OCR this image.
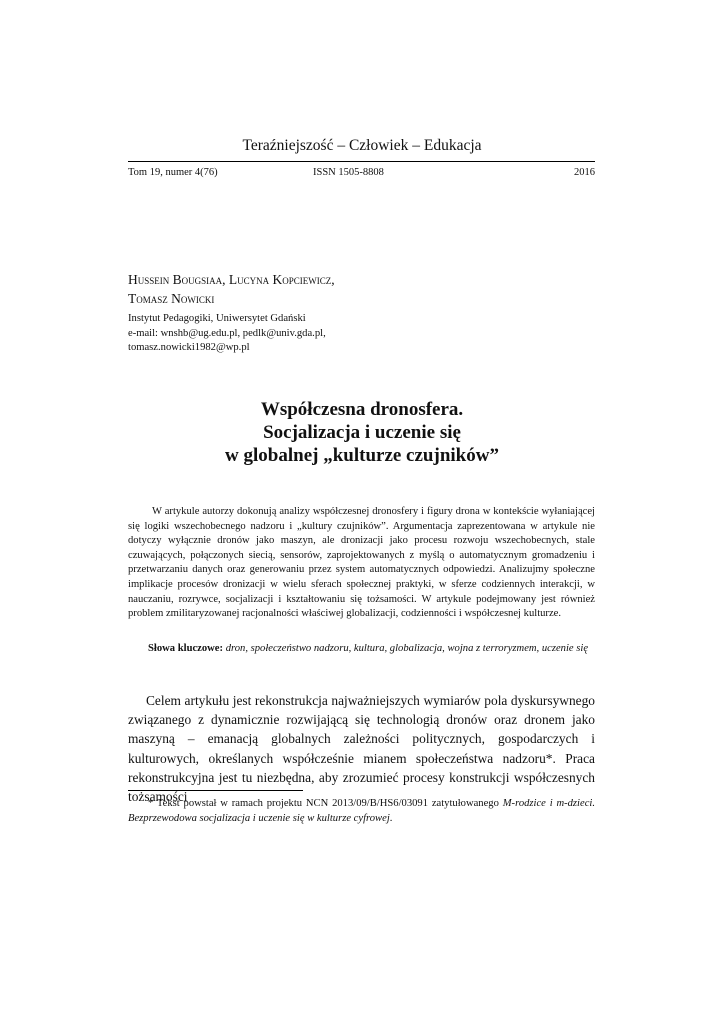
Teraźniejszość – Człowiek – Edukacja
Tom 19, numer 4(76)	ISSN 1505-8808	2016
Hussein Bougsiaa, Lucyna Kopciewicz,
Tomasz Nowicki
Instytut Pedagogiki, Uniwersytet Gdański
e-mail: wnshb@ug.edu.pl, pedlk@univ.gda.pl,
tomasz.nowicki1982@wp.pl
Współczesna dronosfera.
Socjalizacja i uczenie się
w globalnej „kulturze czujników”
W artykule autorzy dokonują analizy współczesnej dronosfery i figury drona w kontekście wyłaniającej się logiki wszechobecnego nadzoru i „kultury czujników”. Argumentacja zaprezentowana w artykule nie dotyczy wyłącznie dronów jako maszyn, ale dronizacji jako procesu rozwoju wszechobecnych, stale czuwających, połączonych siecią, sensorów, zaprojektowanych z myślą o automatycznym gromadzeniu i przetwarzaniu danych oraz generowaniu przez system automatycznych odpowiedzi. Analizujmy społeczne implikacje procesów dronizacji w wielu sferach społecznej praktyki, w sferze codziennych interakcji, w nauczaniu, rozrywce, socjalizacji i kształtowaniu się tożsamości. W artykule podejmowany jest również problem zmilitaryzowanej racjonalności właściwej globalizacji, codzienności i współczesnej kulturze.
Słowa kluczowe: dron, społeczeństwo nadzoru, kultura, globalizacja, wojna z terroryzmem, uczenie się
Celem artykułu jest rekonstrukcja najważniejszych wymiarów pola dyskursywnego związanego z dynamicznie rozwijającą się technologią dronów oraz dronem jako maszyną – emanacją globalnych zależności politycznych, gospodarczych i kulturowych, określanych współcześnie mianem społeczeństwa nadzoru*. Praca rekonstrukcyjna jest tu niezbędna, aby zrozumieć procesy konstrukcji współczesnych tożsamości
* Tekst powstał w ramach projektu NCN 2013/09/B/HS6/03091 zatytułowanego M-rodzice i m-dzieci. Bezprzewodowa socjalizacja i uczenie się w kulturze cyfrowej.
